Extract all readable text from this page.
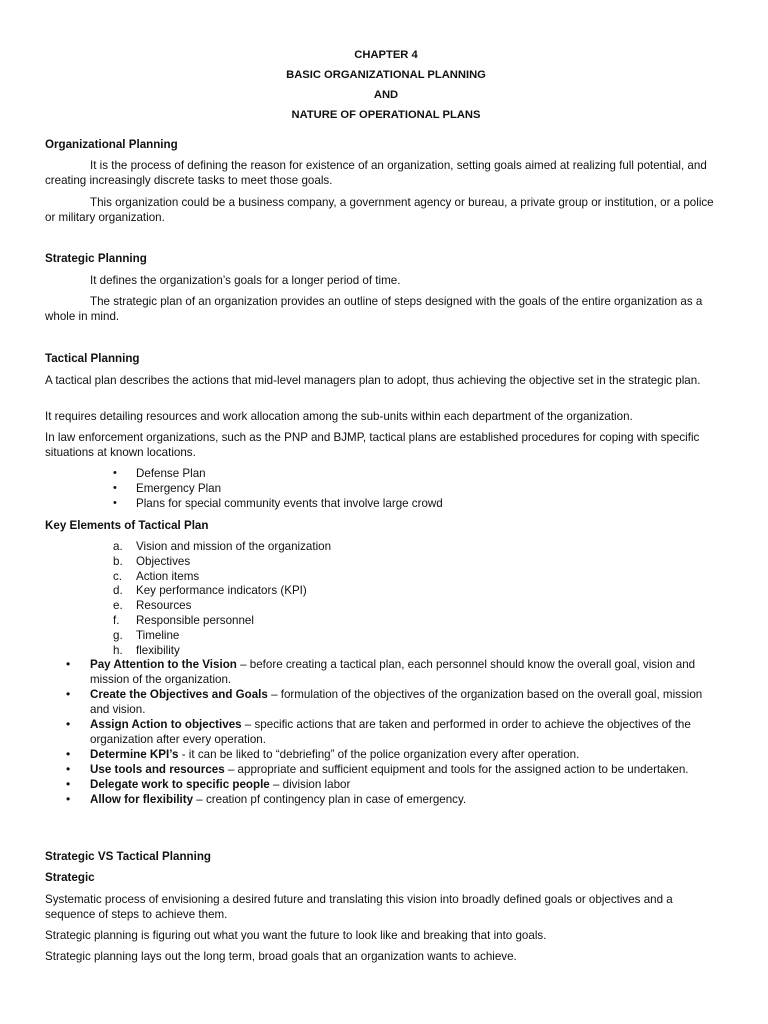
CHAPTER 4
BASIC ORGANIZATIONAL PLANNING
AND
NATURE OF OPERATIONAL PLANS
Organizational Planning

It is the process of defining the reason for existence of an organization, setting goals aimed at realizing full potential, and creating increasingly discrete tasks to meet those goals.

This organization could be a business company, a government agency or bureau, a private group or institution, or a police or military organization.

Strategic Planning

It defines the organization’s goals for a longer period of time.

The strategic plan of an organization provides an outline of steps designed with the goals of the entire organization as a whole in mind.

Tactical Planning

A tactical plan describes the actions that mid-level managers plan to adopt, thus achieving the objective set in the strategic plan.

It requires detailing resources and work allocation among the sub-units within each department of the organization.

In law enforcement organizations, such as the PNP and BJMP, tactical plans are established procedures for coping with specific situations at known locations.

• Defense Plan
• Emergency Plan
• Plans for special community events that involve large crowd
Key Elements of Tactical Plan
a. Vision and mission of the organization
b. Objectives
c. Action items
d. Key performance indicators (KPI)
e. Resources
f. Responsible personnel
g. Timeline
h. flexibility
• Pay Attention to the Vision – before creating a tactical plan, each personnel should know the overall goal, vision and mission of the organization.
• Create the Objectives and Goals – formulation of the objectives of the organization based on the overall goal, mission and vision.
• Assign Action to objectives – specific actions that are taken and performed in order to achieve the objectives of the organization after every operation.
• Determine KPI’s - it can be liked to “debriefing” of the police organization every after operation.
• Use tools and resources – appropriate and sufficient equipment and tools for the assigned action to be undertaken.
• Delegate work to specific people – division labor
• Allow for flexibility – creation pf contingency plan in case of emergency.
Strategic VS Tactical Planning
Strategic

Systematic process of envisioning a desired future and translating this vision into broadly defined goals or objectives and a sequence of steps to achieve them.

Strategic planning is figuring out what you want the future to look like and breaking that into goals.

Strategic planning lays out the long term, broad goals that an organization wants to achieve.
